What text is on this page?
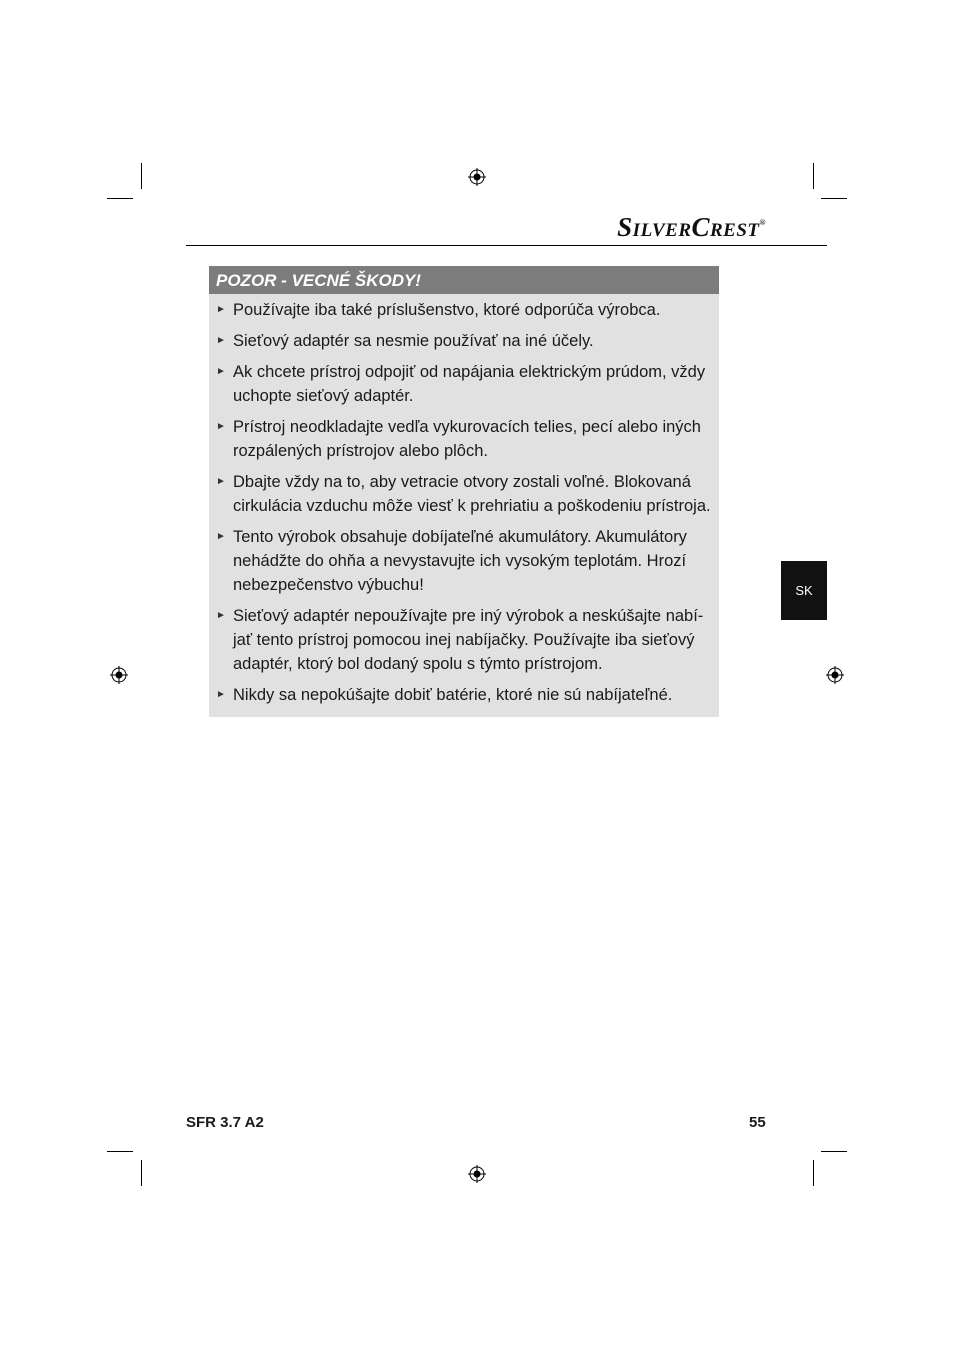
SilverCrest®
SK
POZOR - VECNÉ ŠKODY!
► Používajte iba také príslušenstvo, ktoré odporúča výrobca.
► Sieťový adaptér sa nesmie používať na iné účely.
► Ak chcete prístroj odpojiť od napájania elektrickým prúdom, vždy uchopte sieťový adaptér.
► Prístroj neodkladajte vedľa vykurovacích telies, pecí alebo iných rozpálených prístrojov alebo plôch.
► Dbajte vždy na to, aby vetracie otvory zostali voľné. Blokovaná cirkulácia vzduchu môže viesť k prehriatiu a poškodeniu prístroja.
► Tento výrobok obsahuje dobíjateľné akumulátory. Akumulátory nehádžte do ohňa a nevystavujte ich vysokým teplotám. Hrozí nebezpečenstvo výbuchu!
► Sieťový adaptér nepoužívajte pre iný výrobok a neskúšajte nabí-jať tento prístroj pomocou inej nabíjačky. Používajte iba sieťový adaptér, ktorý bol dodaný spolu s týmto prístrojom.
► Nikdy sa nepokúšajte dobiť batérie, ktoré nie sú nabíjateľné.
SFR 3.7 A2	55
